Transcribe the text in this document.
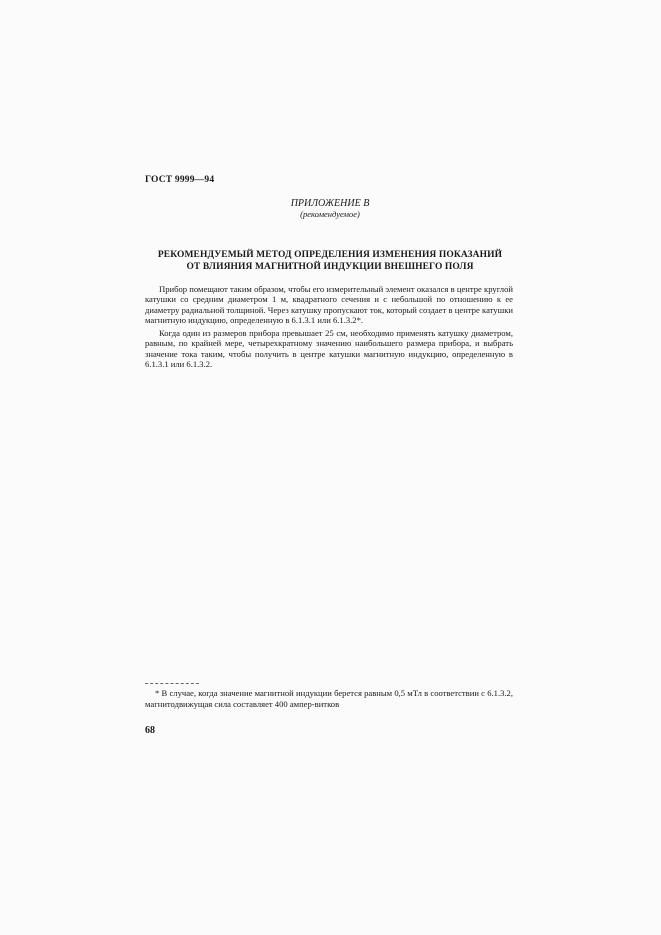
ГОСТ 9999—94
ПРИЛОЖЕНИЕ В
(рекомендуемое)
РЕКОМЕНДУЕМЫЙ МЕТОД ОПРЕДЕЛЕНИЯ ИЗМЕНЕНИЯ ПОКАЗАНИЙ
ОТ ВЛИЯНИЯ МАГНИТНОЙ ИНДУКЦИИ ВНЕШНЕГО ПОЛЯ

Прибор помещают таким образом, чтобы его измерительный элемент оказался в центре круглой катушки со средним диаметром 1 м, квадратного сечения и с небольшой по отношению к ее диаметру радиальной толщиной. Через катушку пропускают ток, который создает в центре катушки магнитную индукцию, определенную в 6.1.3.1 или 6.1.3.2*.

Когда один из размеров прибора превышает 25 см, необходимо применять катушку диаметром, равным, по крайней мере, четырехкратному значению наибольшего размера прибора, и выбрать значение тока таким, чтобы получить в центре катушки магнитную индукцию, определенную в 6.1.3.1 или 6.1.3.2.

* В случае, когда значение магнитной индукции берется равным 0,5 мТл в соответствии с 6.1.3.2, магнитодвижущая сила составляет 400 ампер-витков
68
